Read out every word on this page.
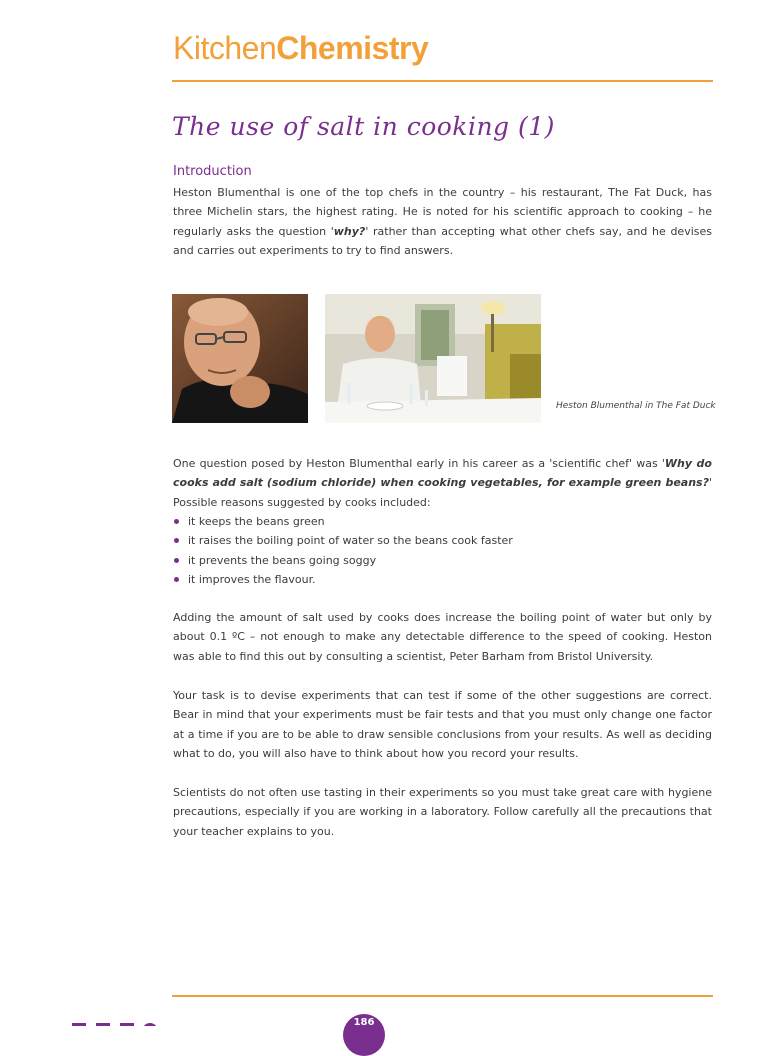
KitchenChemistry
The use of salt in cooking (1)
Introduction

Heston Blumenthal is one of the top chefs in the country – his restaurant, The Fat Duck, has three Michelin stars, the highest rating. He is noted for his scientific approach to cooking – he regularly asks the question 'why?' rather than accepting what other chefs say, and he devises and carries out experiments to try to find answers.

Heston Blumenthal in The Fat Duck

One question posed by Heston Blumenthal early in his career as a 'scientific chef' was 'Why do cooks add salt (sodium chloride) when cooking vegetables, for example green beans?' Possible reasons suggested by cooks included:

it keeps the beans green
it raises the boiling point of water so the beans cook faster
it prevents the beans going soggy
it improves the flavour.

Adding the amount of salt used by cooks does increase the boiling point of water but only by about 0.1 ºC – not enough to make any detectable difference to the speed of cooking. Heston was able to find this out by consulting a scientist, Peter Barham from Bristol University.

Your task is to devise experiments that can test if some of the other suggestions are correct. Bear in mind that your experiments must be fair tests and that you must only change one factor at a time if you are to be able to draw sensible conclusions from your results. As well as deciding what to do, you will also have to think about how you record your results.

Scientists do not often use tasting in their experiments so you must take great care with hygiene precautions, especially if you are working in a laboratory. Follow carefully all the precautions that your teacher explains to you.

186
